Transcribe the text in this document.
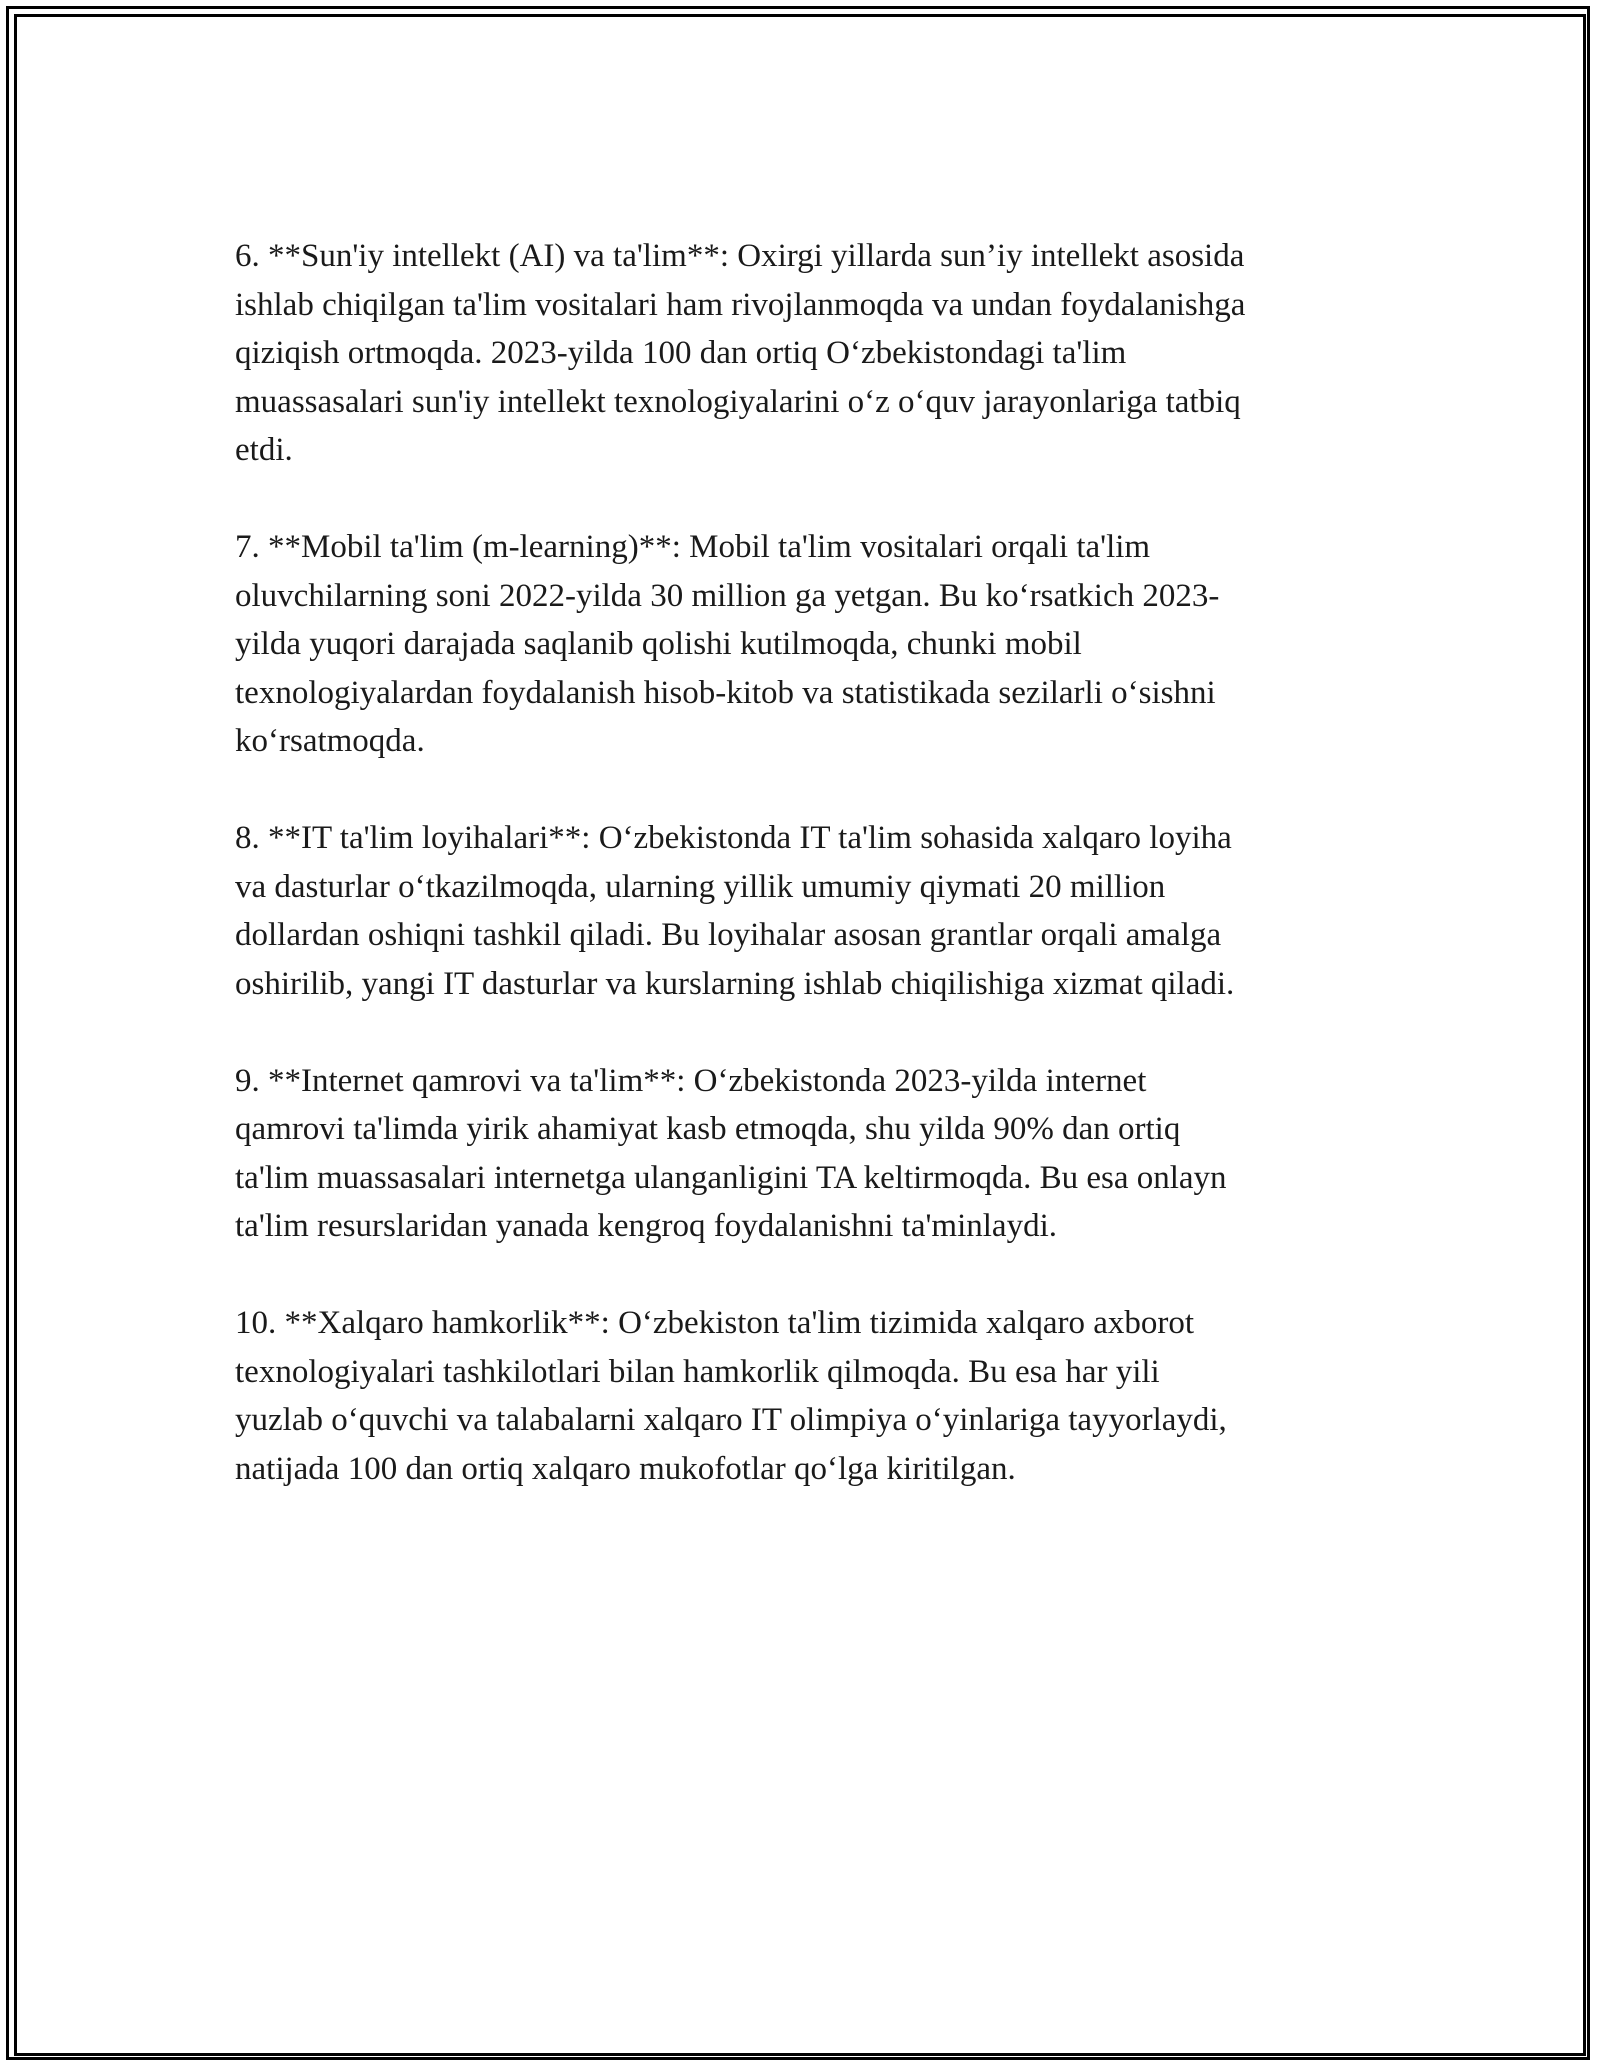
6. **Sun'iy intellekt (AI) va ta'lim**: Oxirgi yillarda sun’iy intellekt asosida
ishlab chiqilgan ta'lim vositalari ham rivojlanmoqda va undan foydalanishga
qiziqish ortmoqda. 2023-yilda 100 dan ortiq O‘zbekistondagi ta'lim
muassasalari sun'iy intellekt texnologiyalarini o‘z o‘quv jarayonlariga tatbiq
etdi.

7. **Mobil ta'lim (m-learning)**: Mobil ta'lim vositalari orqali ta'lim
oluvchilarning soni 2022-yilda 30 million ga yetgan. Bu ko‘rsatkich 2023-
yilda yuqori darajada saqlanib qolishi kutilmoqda, chunki mobil
texnologiyalardan foydalanish hisob-kitob va statistikada sezilarli o‘sishni
ko‘rsatmoqda.

8. **IT ta'lim loyihalari**: O‘zbekistonda IT ta'lim sohasida xalqaro loyiha
va dasturlar o‘tkazilmoqda, ularning yillik umumiy qiymati 20 million
dollardan oshiqni tashkil qiladi. Bu loyihalar asosan grantlar orqali amalga
oshirilib, yangi IT dasturlar va kurslarning ishlab chiqilishiga xizmat qiladi.

9. **Internet qamrovi va ta'lim**: O‘zbekistonda 2023-yilda internet
qamrovi ta'limda yirik ahamiyat kasb etmoqda, shu yilda 90% dan ortiq
ta'lim muassasalari internetga ulanganligini TA keltirmoqda. Bu esa onlayn
ta'lim resurslaridan yanada kengroq foydalanishni ta'minlaydi.

10. **Xalqaro hamkorlik**: O‘zbekiston ta'lim tizimida xalqaro axborot
texnologiyalari tashkilotlari bilan hamkorlik qilmoqda. Bu esa har yili
yuzlab o‘quvchi va talabalarni xalqaro IT olimpiya o‘yinlariga tayyorlaydi,
natijada 100 dan ortiq xalqaro mukofotlar qo‘lga kiritilgan.
